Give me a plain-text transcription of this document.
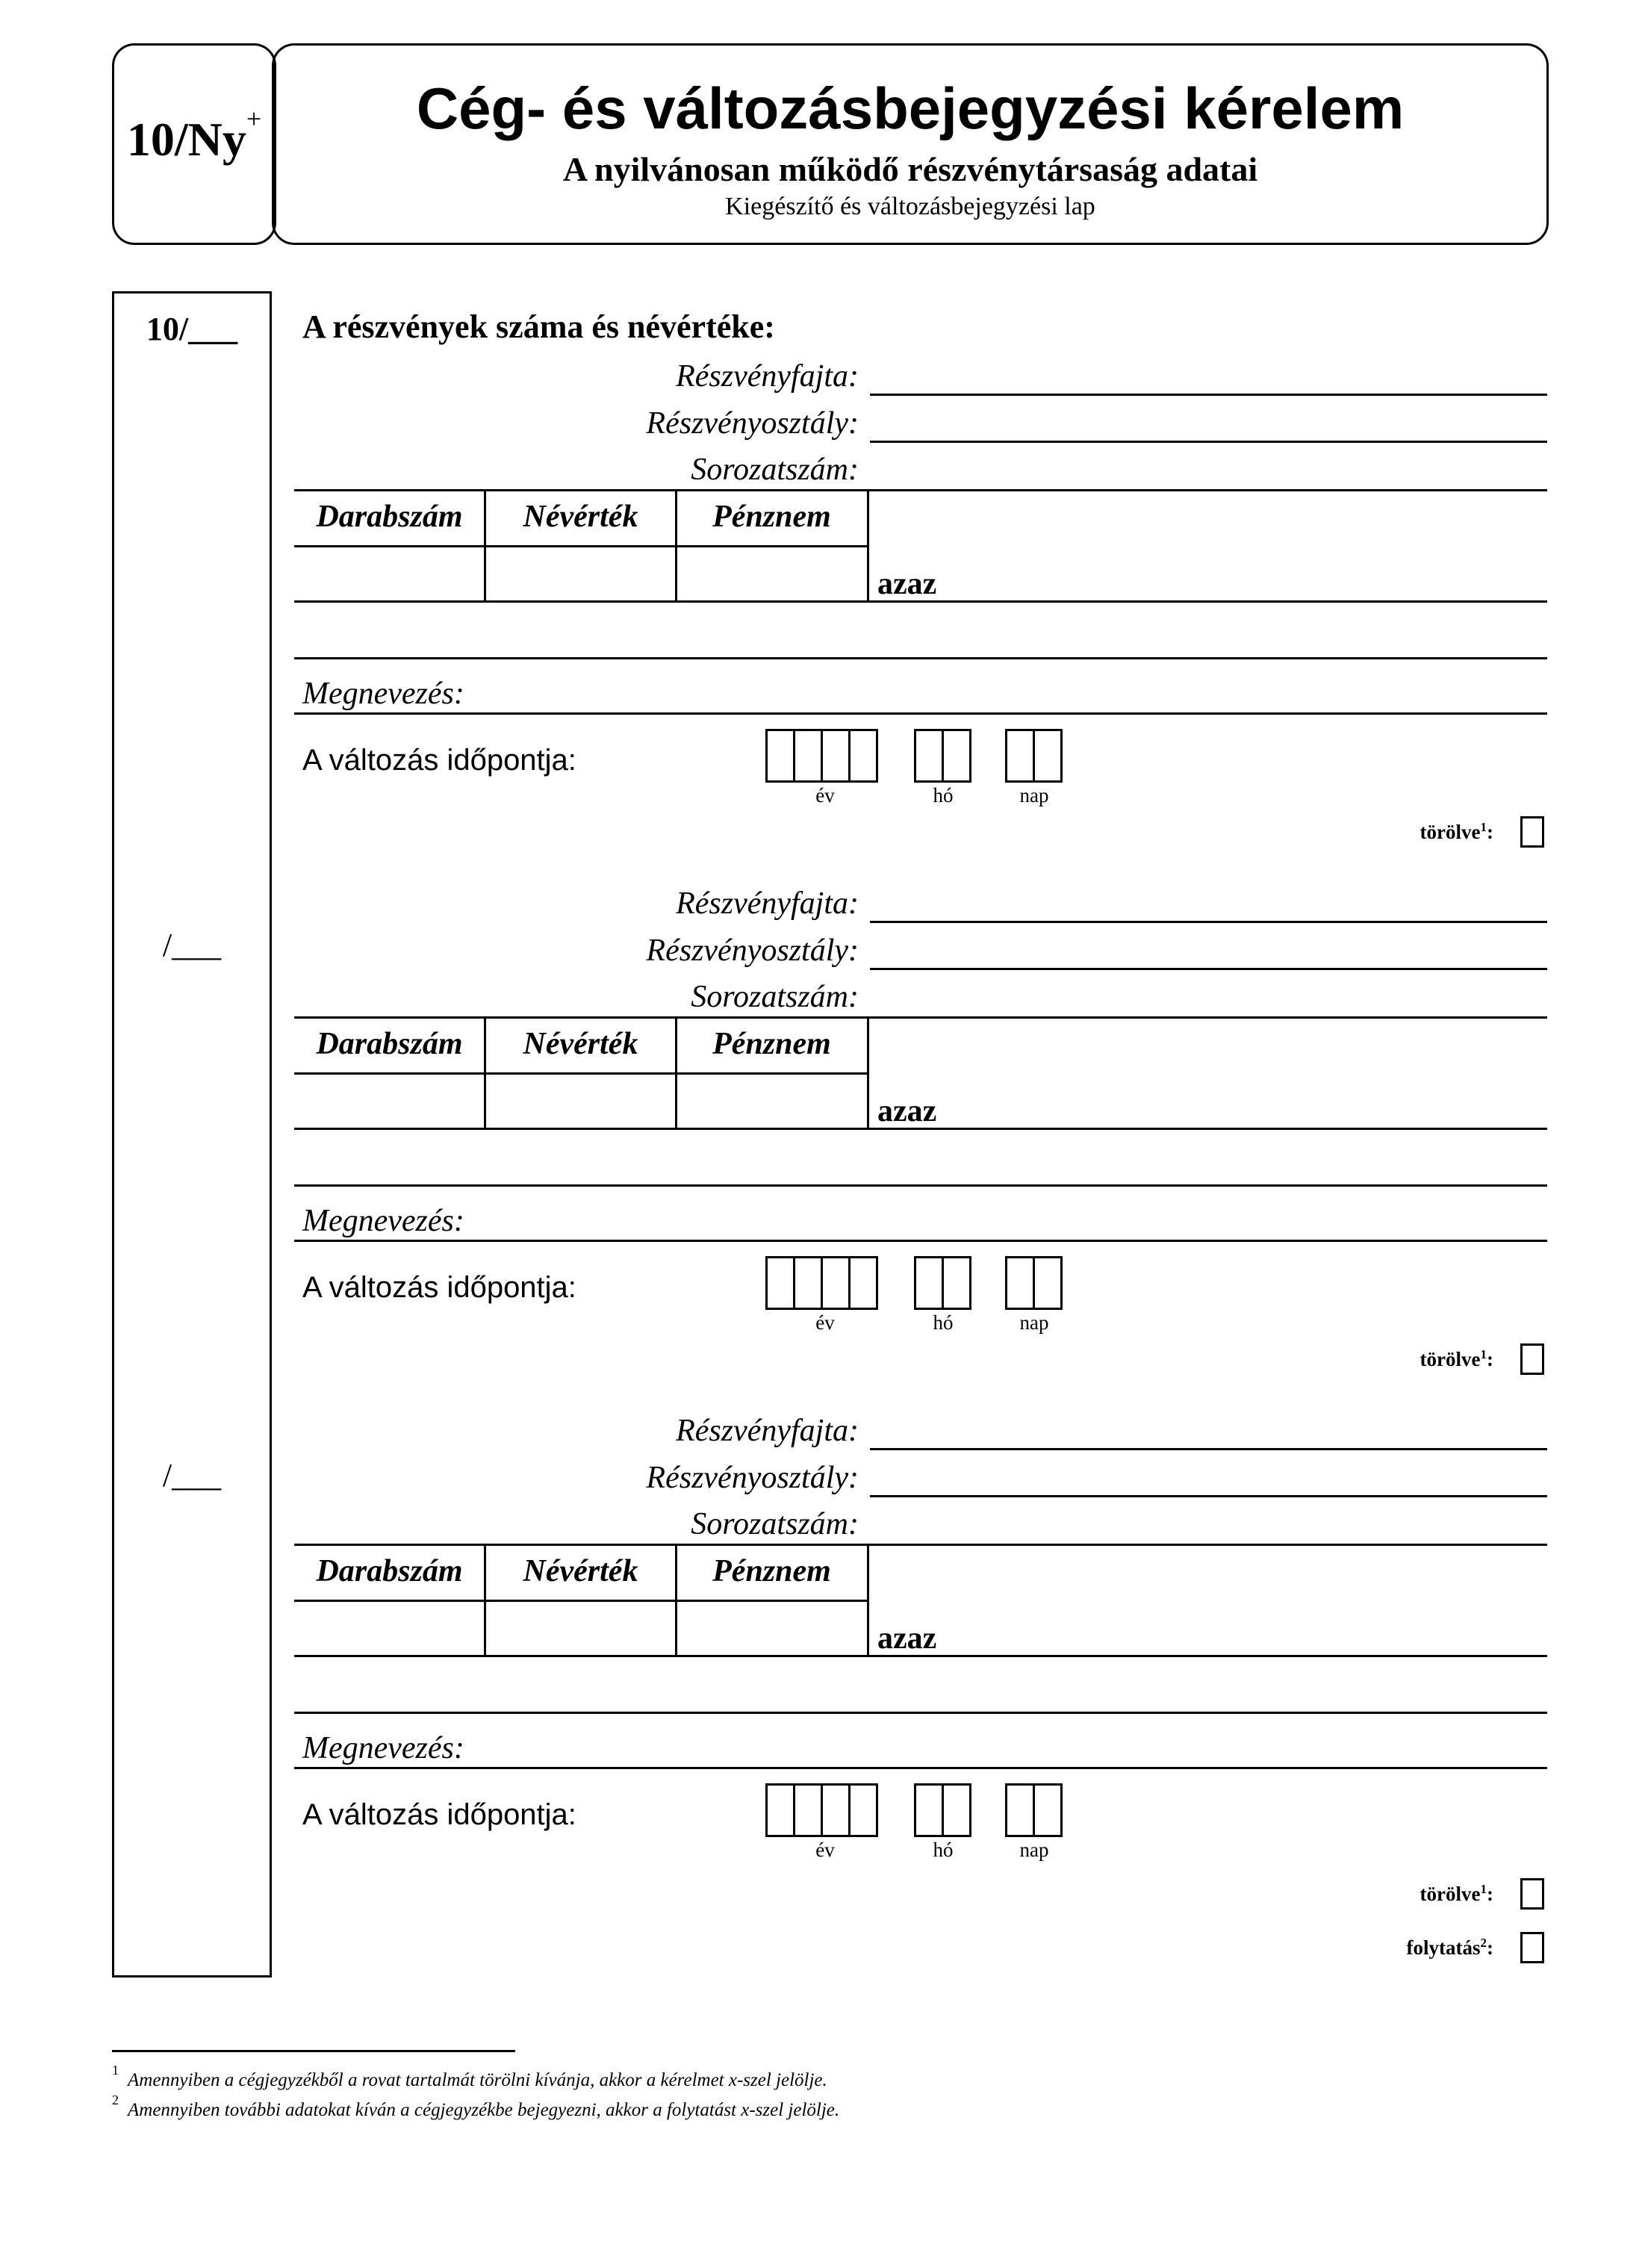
10/Ny+	Cég- és változásbejegyzési kérelem
A nyilvánosan működő részvénytársaság adatai
Kiegészítő és változásbejegyzési lap
10/___
/___
/___
A részvények száma és névértéke:
Részvényfajta:
Részvényosztály:
Sorozatszám:
Darabszám	Névérték	Pénznem
azaz
Megnevezés:
A változás időpontja:
év	hó	nap
törölve$^1$:
Részvényfajta:
Részvényosztály:
Sorozatszám:
Darabszám	Névérték	Pénznem
azaz
Megnevezés:
A változás időpontja:
év	hó	nap
törölve$^1$:
Részvényfajta:
Részvényosztály:
Sorozatszám:
Darabszám	Névérték	Pénznem
azaz
Megnevezés:
A változás időpontja:
év	hó	nap
törölve$^1$:
folytatás$^2$:
$^1$Amennyiben a cégjegyzékből a rovat tartalmát törölni kívánja, akkor a kérelmet x-szel jelölje.
$^2$Amennyiben további adatokat kíván a cégjegyzékbe bejegyezni, akkor a folytatást x-szel jelölje.
